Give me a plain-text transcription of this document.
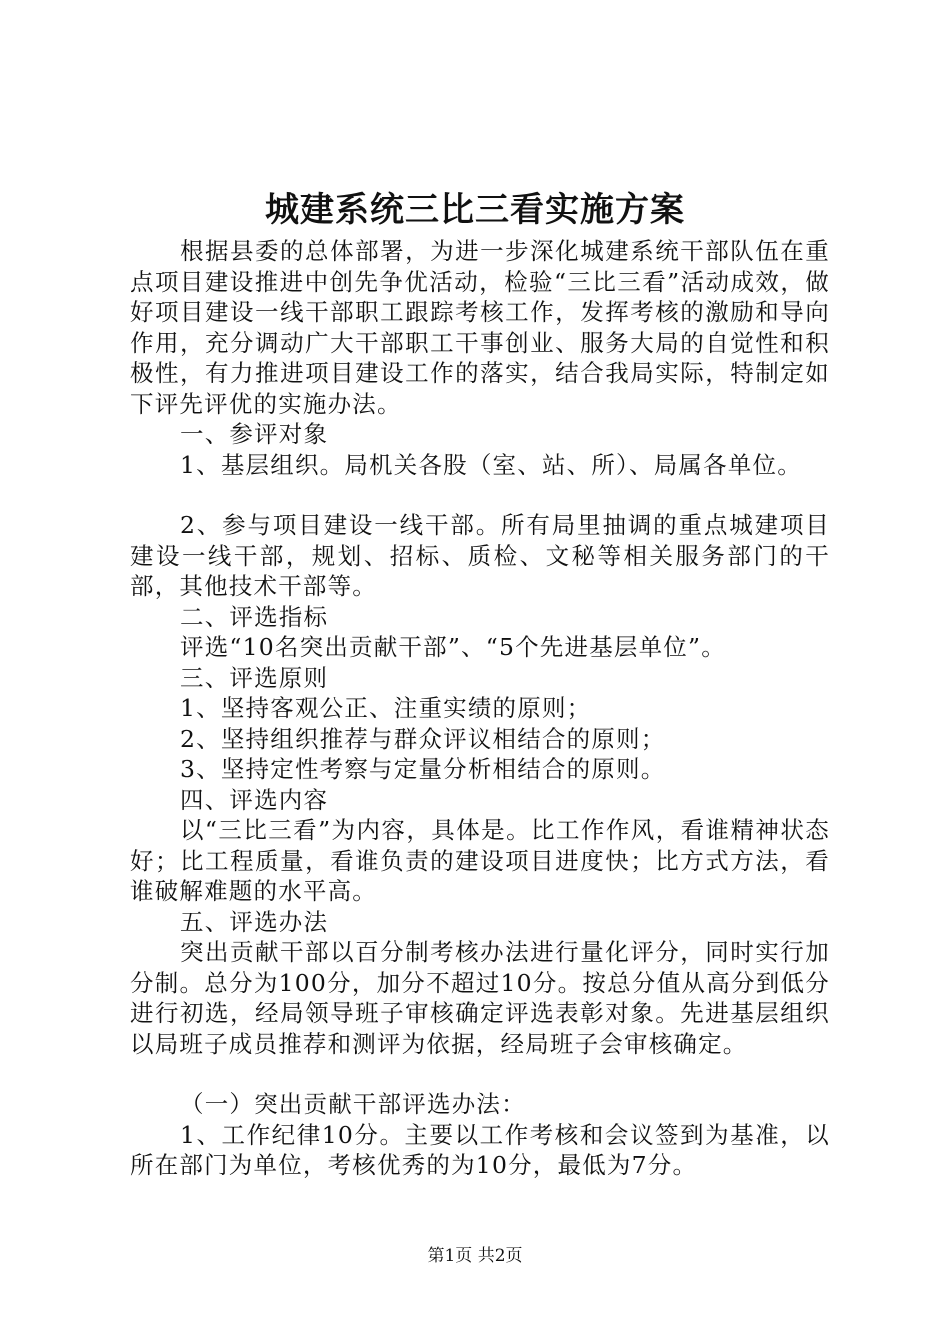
城建系统三比三看实施方案

根据县委的总体部署，为进一步深化城建系统干部队伍在重点项目建设推进中创先争优活动，检验“三比三看”活动成效，做好项目建设一线干部职工跟踪考核工作，发挥考核的激励和导向作用，充分调动广大干部职工干事创业、服务大局的自觉性和积极性，有力推进项目建设工作的落实，结合我局实际，特制定如下评先评优的实施办法。

一、参评对象

1、基层组织。局机关各股（室、站、所）、局属各单位。

2、参与项目建设一线干部。所有局里抽调的重点城建项目建设一线干部，规划、招标、质检、文秘等相关服务部门的干部，其他技术干部等。

二、评选指标

评选“10名突出贡献干部”、“5个先进基层单位”。

三、评选原则

1、坚持客观公正、注重实绩的原则；

2、坚持组织推荐与群众评议相结合的原则；

3、坚持定性考察与定量分析相结合的原则。

四、评选内容

以“三比三看”为内容，具体是。比工作作风，看谁精神状态好；比工程质量，看谁负责的建设项目进度快；比方式方法，看谁破解难题的水平高。

五、评选办法

突出贡献干部以百分制考核办法进行量化评分，同时实行加分制。总分为100分，加分不超过10分。按总分值从高分到低分进行初选，经局领导班子审核确定评选表彰对象。先进基层组织以局班子成员推荐和测评为依据，经局班子会审核确定。

（一）突出贡献干部评选办法：

1、工作纪律10分。主要以工作考核和会议签到为基准，以所在部门为单位，考核优秀的为10分，最低为7分。

第1页 共2页
